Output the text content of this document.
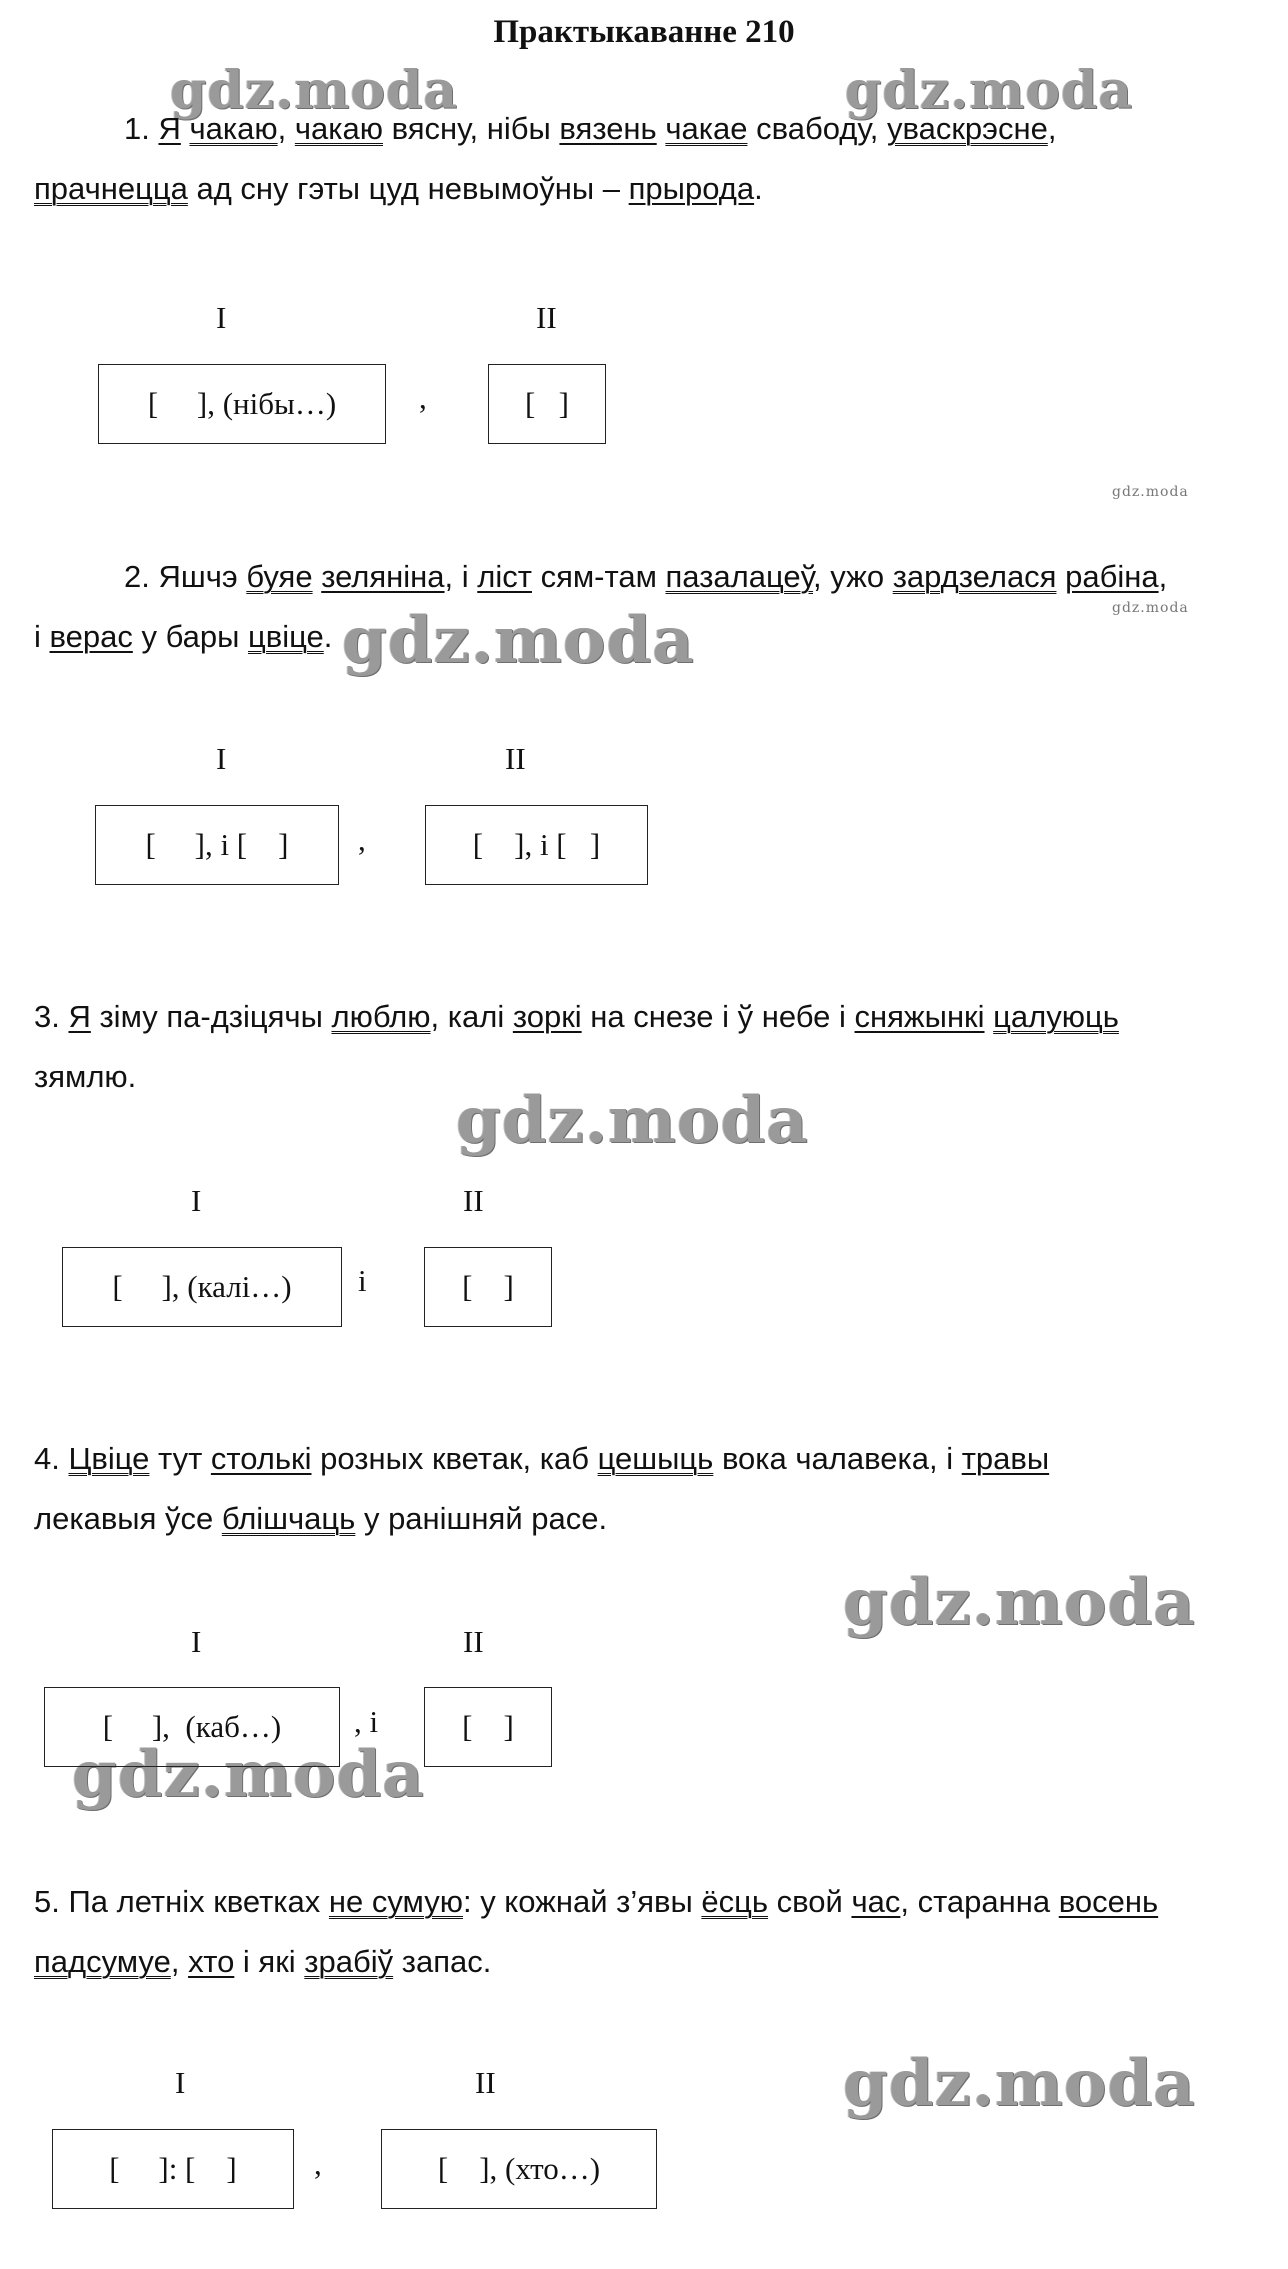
Практыкаванне 210
gdz.moda	gdz.moda
gdz.moda
gdz.moda
gdz.moda
gdz.moda
gdz.moda
gdz.moda
gdz.moda
1. Я чакаю, чакаю вясну, нібы вязень чакае свабоду, уваскрэсне,
прачнецца ад сну гэты цуд невымоўны – прырода.
I	II
[     ], (нібы…)	,	[   ]
2. Яшчэ буяе зеляніна, і ліст сям-там пазалацеў, ужо зардзелася рабіна,
і верас у бары цвіце.
I	II
[     ], і [    ]	,	[    ], і [   ]
3. Я зіму па-дзіцячы люблю, калі зоркі на снезе і ў небе і сняжынкі цалуюць
зямлю.
I	II
[     ], (калі…)	і	[    ]
4. Цвіце тут столькі розных кветак, каб цешыць вока чалавека, і травы
лекавыя ўсе блішчаць у ранішняй расе.
I	II
[     ],  (каб…)	, і	[    ]
5. Па летніх кветках не сумую: у кожнай з’явы ёсць свой час, старанна восень
падсумуе, хто і які зрабіў запас.
I	II
[     ]: [    ]	,	[    ], (хто…)
